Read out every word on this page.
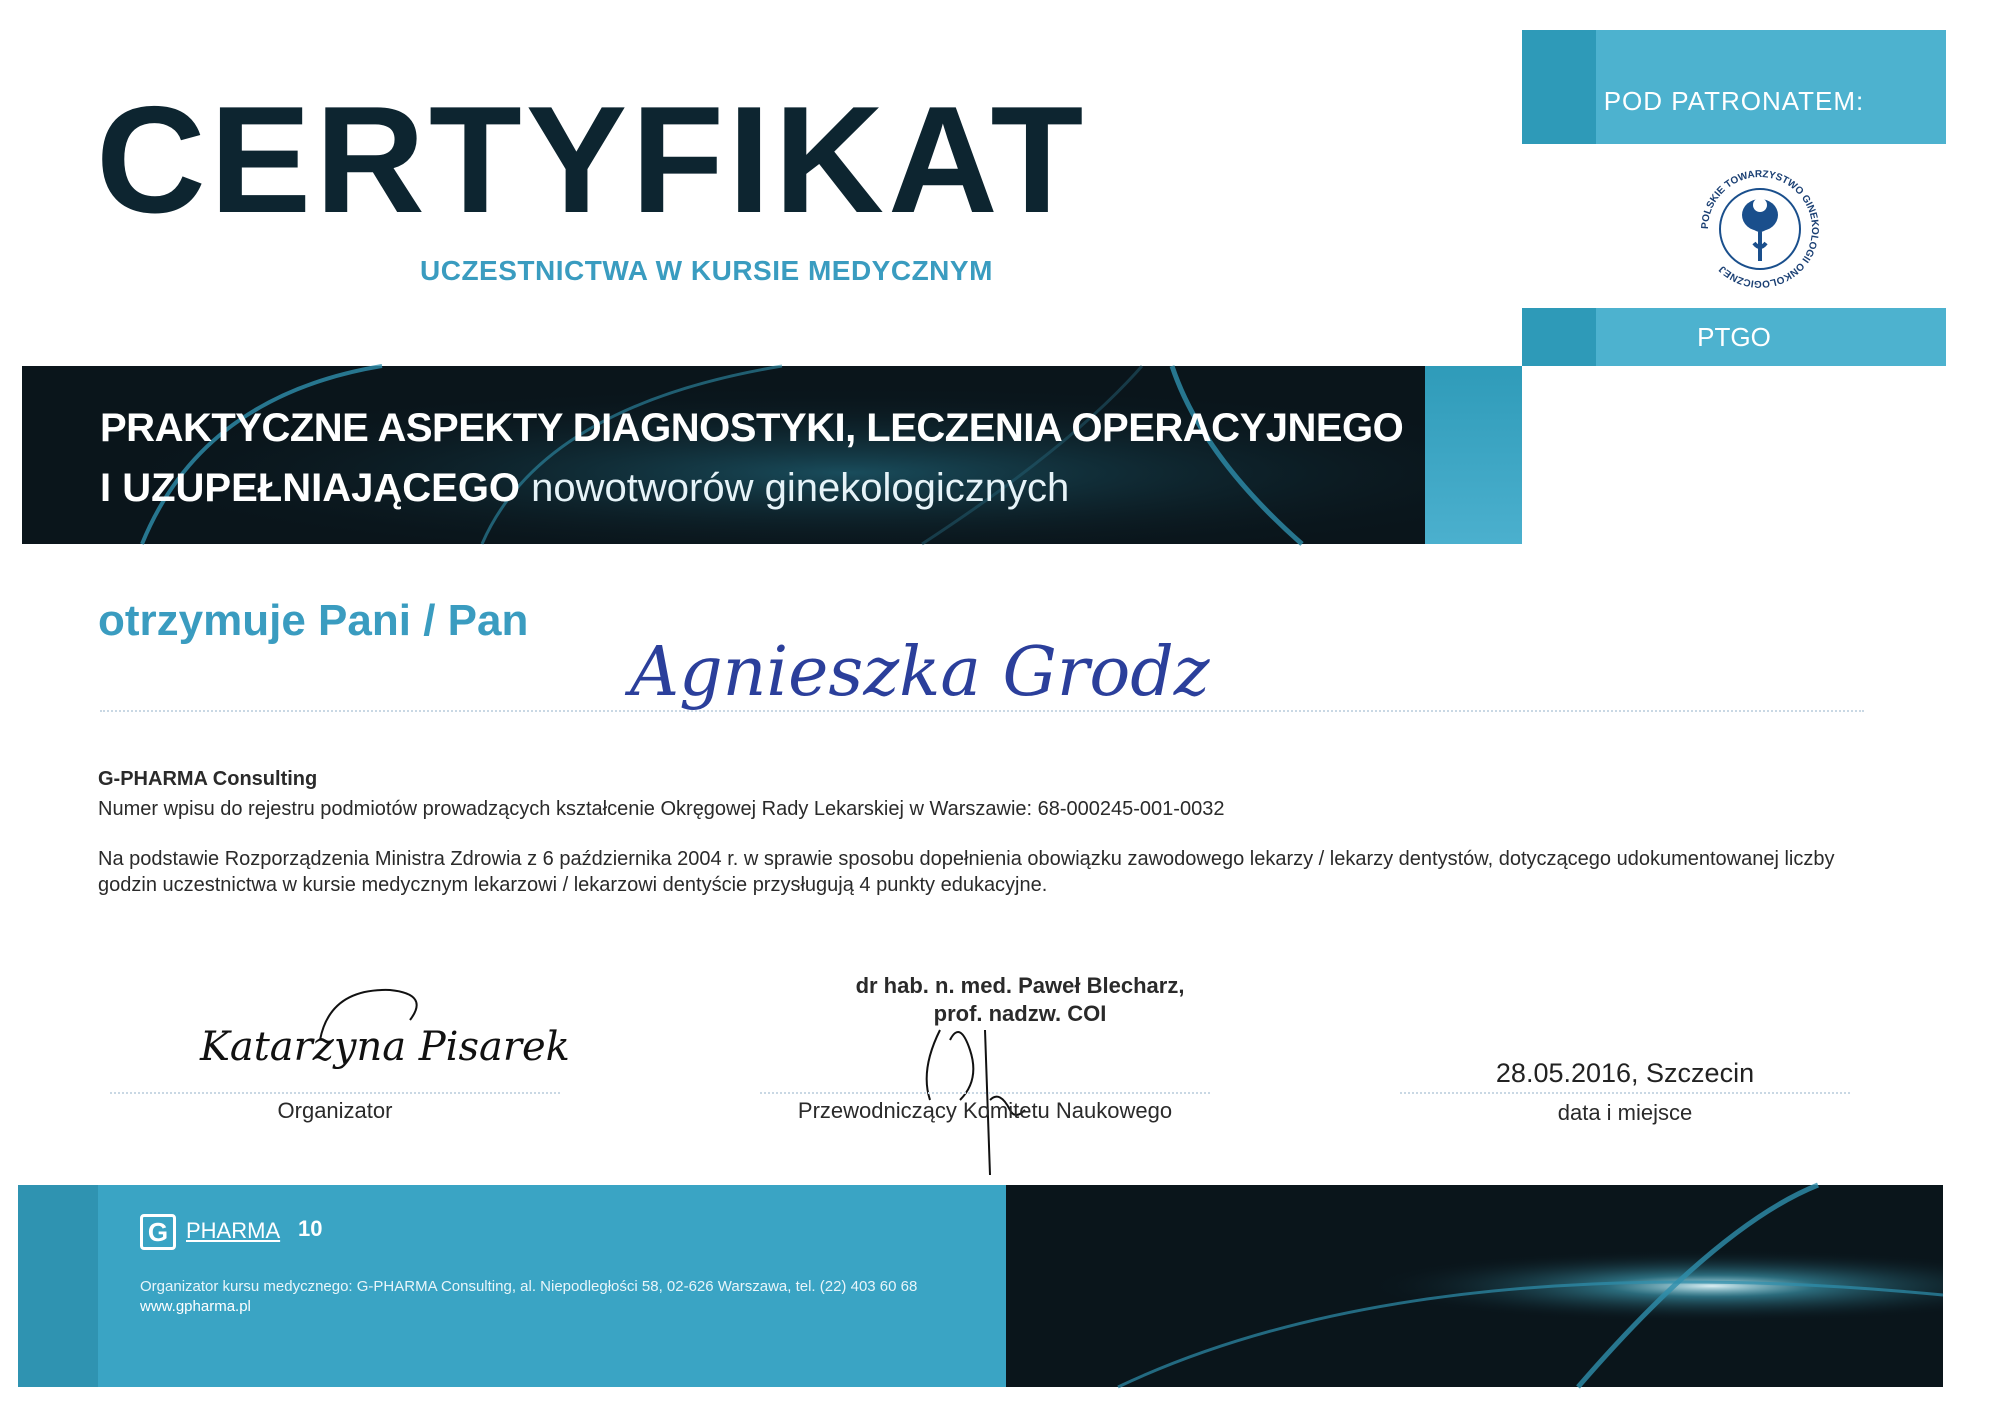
CERTYFIKAT
UCZESTNICTWA W KURSIE MEDYCZNYM
POD PATRONATEM:
POLSKIE TOWARZYSTWO GINEKOLOGII ONKOLOGICZNEJ
PTGO
PRAKTYCZNE ASPEKTY DIAGNOSTYKI, LECZENIA OPERACYJNEGO
I UZUPEŁNIAJĄCEGO nowotworów ginekologicznych
otrzymuje Pani / Pan
Agnieszka Grodz
G-PHARMA Consulting
Numer wpisu do rejestru podmiotów prowadzących kształcenie Okręgowej Rady Lekarskiej w Warszawie: 68-000245-001-0032
Na podstawie Rozporządzenia Ministra Zdrowia z 6 października 2004 r. w sprawie sposobu dopełnienia obowiązku zawodowego lekarzy / lekarzy dentystów, dotyczącego udokumentowanej liczby godzin uczestnictwa w kursie medycznym lekarzowi / lekarzowi dentyście przysługują 4 punkty edukacyjne.
Katarzyna Pisarek
Organizator
dr hab. n. med. Paweł Blecharz,
prof. nadzw. COI
Przewodniczący Komitetu Naukowego
28.05.2016, Szczecin
data i miejsce
G PHARMA 10
Organizator kursu medycznego: G-PHARMA Consulting, al. Niepodległości 58, 02-626 Warszawa, tel. (22) 403 60 68
www.gpharma.pl
